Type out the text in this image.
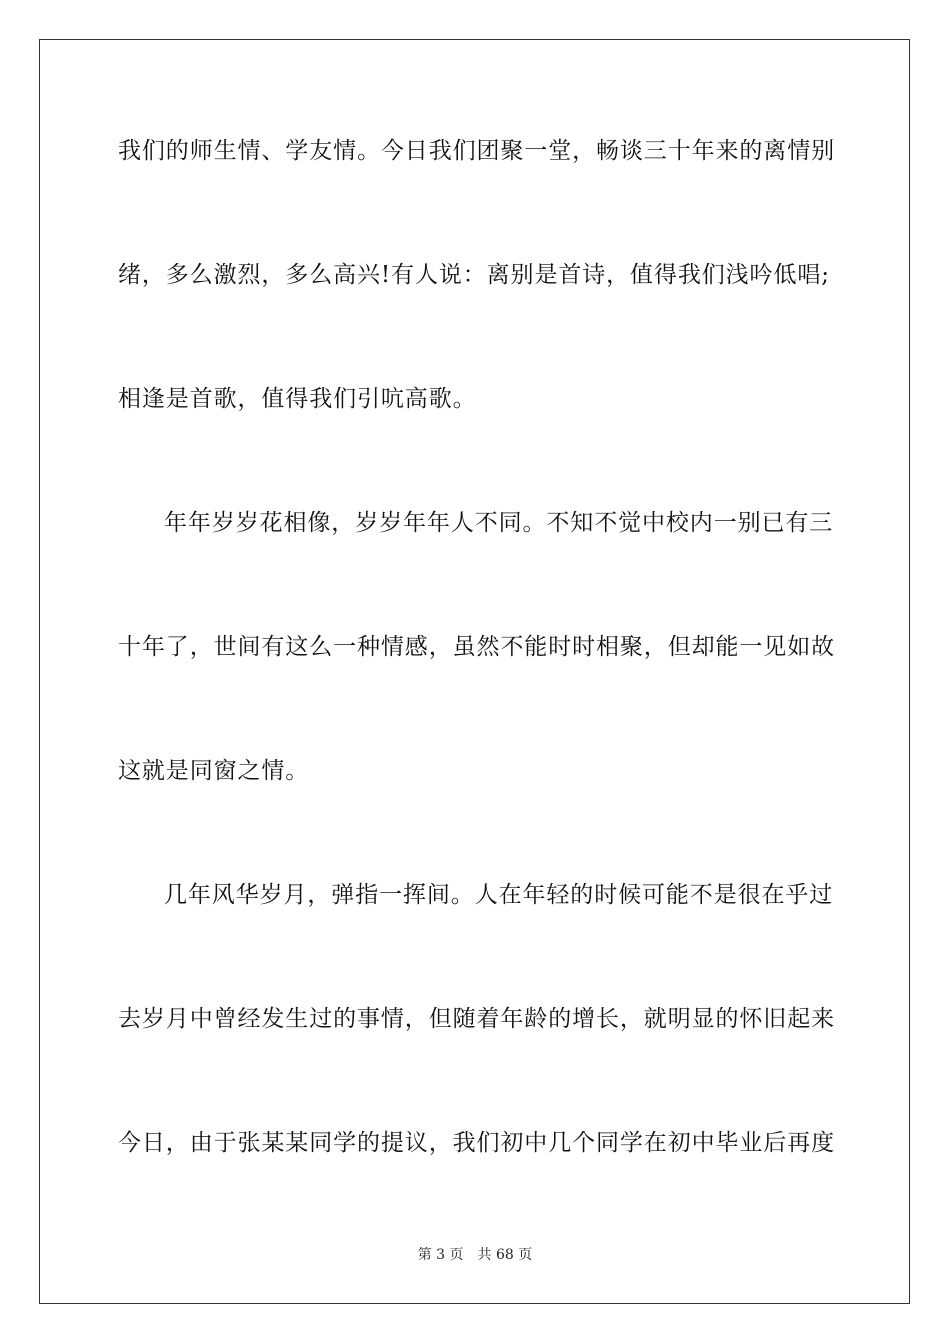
我们的师生情、学友情。今日我们团聚一堂，畅谈三十年来的离情别
绪，多么激烈，多么高兴!有人说：离别是首诗，值得我们浅吟低唱;
相逢是首歌，值得我们引吭高歌。
年年岁岁花相像，岁岁年年人不同。不知不觉中校内一别已有三
十年了，世间有这么一种情感，虽然不能时时相聚，但却能一见如故
这就是同窗之情。
几年风华岁月，弹指一挥间。人在年轻的时候可能不是很在乎过
去岁月中曾经发生过的事情，但随着年龄的增长，就明显的怀旧起来
今日，由于张某某同学的提议，我们初中几个同学在初中毕业后再度
第 3 页 共 68 页
